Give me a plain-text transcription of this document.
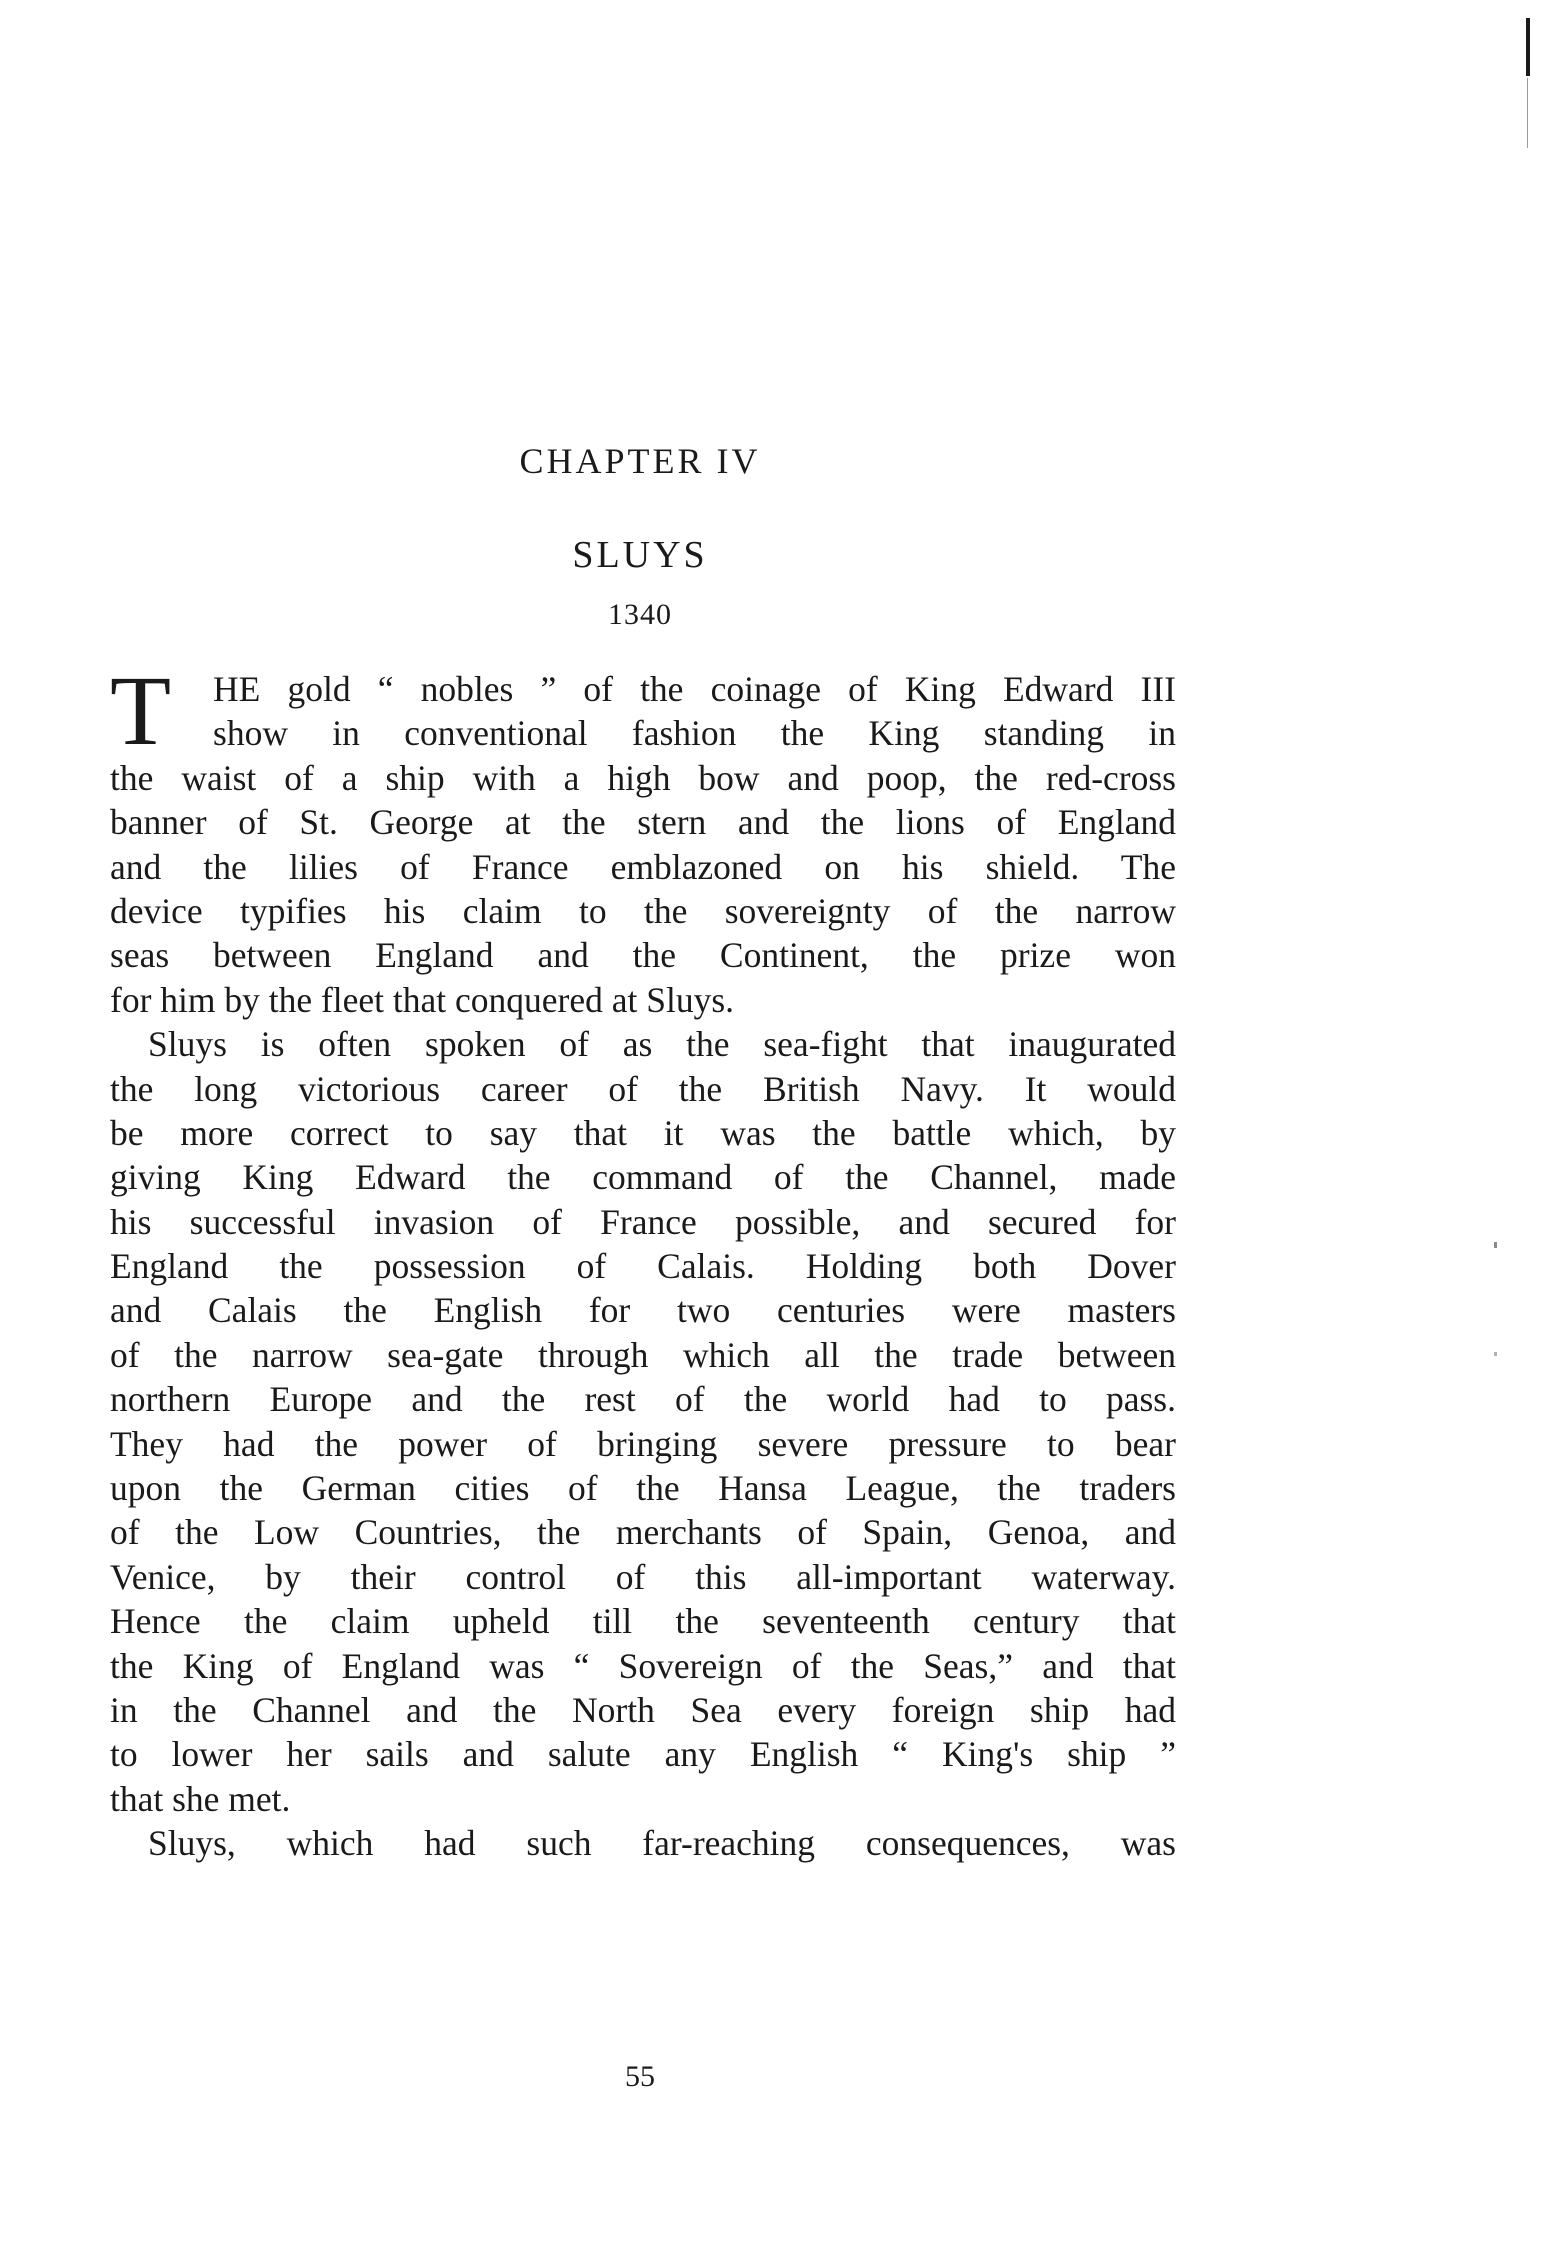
CHAPTER IV
SLUYS
1340
T	HE gold “ nobles ” of the coinage of King Edward III
show in conventional fashion the King standing in
the waist of a ship with a high bow and poop, the red-cross
banner of St. George at the stern and the lions of England
and the lilies of France emblazoned on his shield. The
device typifies his claim to the sovereignty of the narrow
seas between England and the Continent, the prize won
for him by the fleet that conquered at Sluys.
Sluys is often spoken of as the sea-fight that inaugurated
the long victorious career of the British Navy. It would
be more correct to say that it was the battle which, by
giving King Edward the command of the Channel, made
his successful invasion of France possible, and secured for
England the possession of Calais. Holding both Dover
and Calais the English for two centuries were masters
of the narrow sea-gate through which all the trade between
northern Europe and the rest of the world had to pass.
They had the power of bringing severe pressure to bear
upon the German cities of the Hansa League, the traders
of the Low Countries, the merchants of Spain, Genoa, and
Venice, by their control of this all-important waterway.
Hence the claim upheld till the seventeenth century that
the King of England was “ Sovereign of the Seas,” and that
in the Channel and the North Sea every foreign ship had
to lower her sails and salute any English “ King's ship ”
that she met.
Sluys, which had such far-reaching consequences, was
55
